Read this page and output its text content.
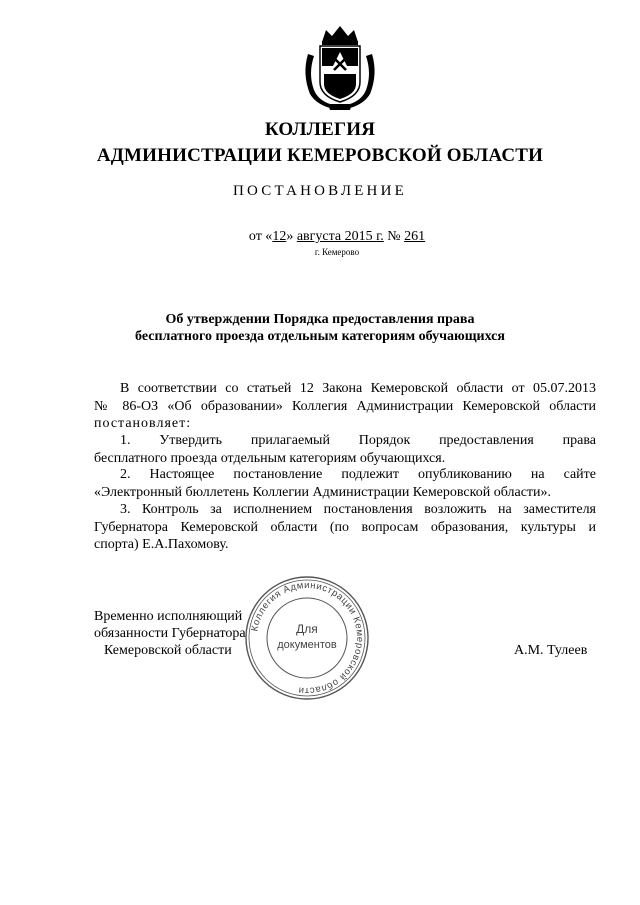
КОЛЛЕГИЯ
АДМИНИСТРАЦИИ КЕМЕРОВСКОЙ ОБЛАСТИ
ПОСТАНОВЛЕНИЕ
от «12» августа 2015 г. № 261
г. Кемерово
Об утверждении Порядка предоставления права
бесплатного проезда отдельным категориям обучающихся
В соответствии со статьей 12 Закона Кемеровской области от 05.07.2013
№ 86-ОЗ «Об образовании» Коллегия Администрации Кемеровской области
постановляет:
1. Утвердить прилагаемый Порядок предоставления права
бесплатного проезда отдельным категориям обучающихся.
2. Настоящее постановление подлежит опубликованию на сайте
«Электронный бюллетень Коллегии Администрации Кемеровской области».
3. Контроль за исполнением постановления возложить на заместителя
Губернатора Кемеровской области (по вопросам образования, культуры и
спорта) Е.А.Пахомову.
Временно исполняющий
обязанности Губернатора
Кемеровской области	А.М. Тулеев
Коллегия Администрации Кемеровской области
Для
документов
